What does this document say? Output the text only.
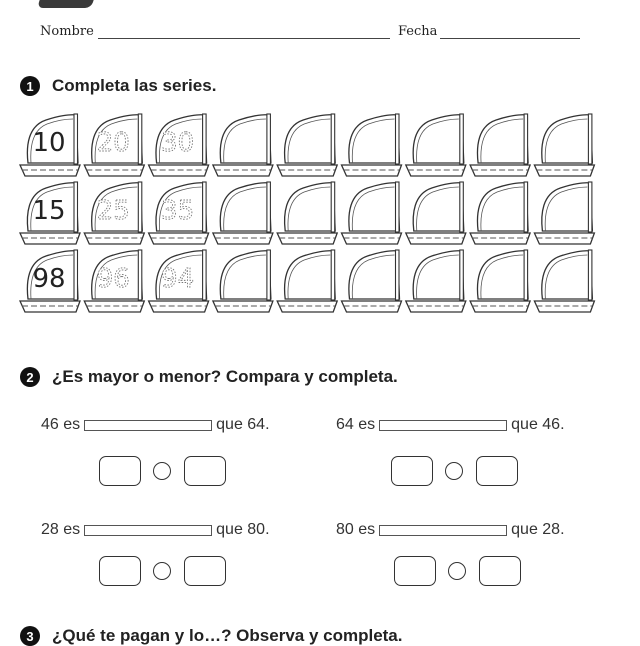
Nombre	Fecha
1	Completa las series.
10 20 30
15 25 35
98 96 94
2	¿Es mayor o menor? Compara y completa.
46 es	que 64.	64 es	que 46.
28 es	que 80.	80 es	que 28.
3	¿Qué te pagan y lo…? Observa y completa.
